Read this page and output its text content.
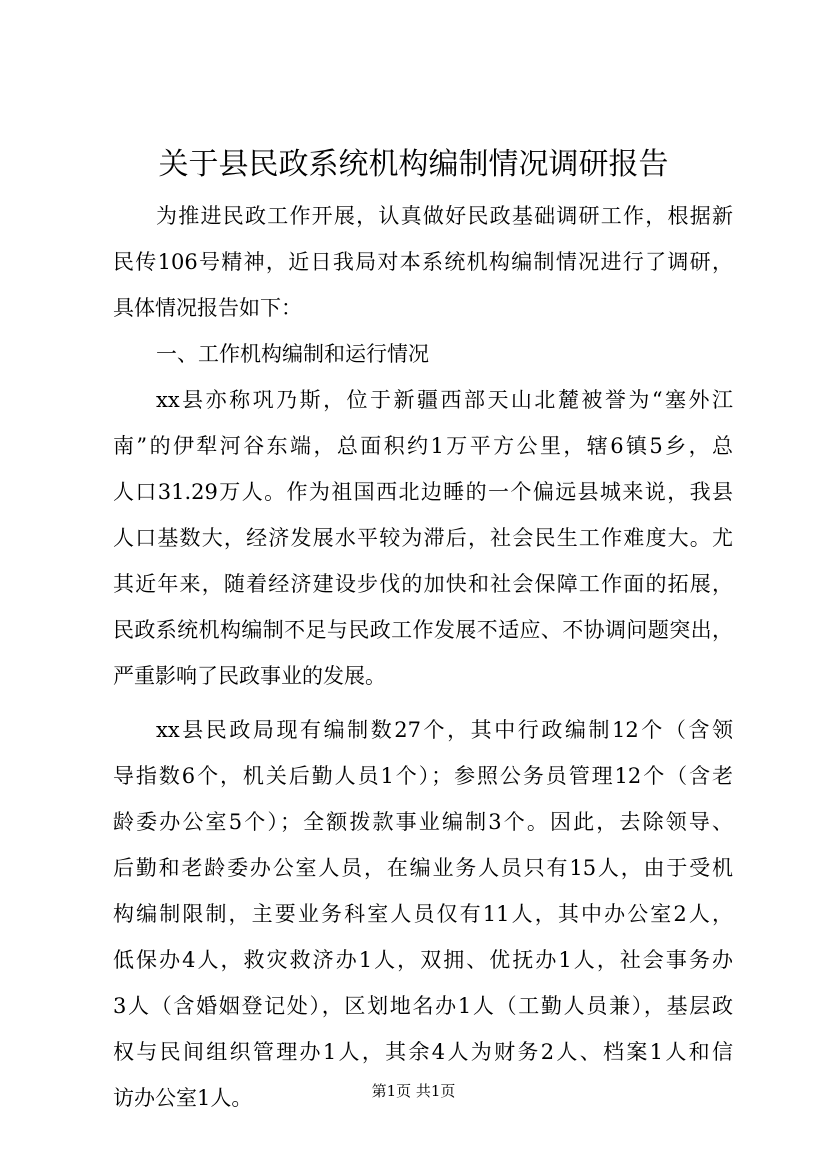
关于县民政系统机构编制情况调研报告
为推进民政工作开展，认真做好民政基础调研工作，根据新
民传106号精神，近日我局对本系统机构编制情况进行了调研，
具体情况报告如下：
一、工作机构编制和运行情况
xx县亦称巩乃斯，位于新疆西部天山北麓被誉为“塞外江
南”的伊犁河谷东端，总面积约1万平方公里，辖6镇5乡，总
人口31.29万人。作为祖国西北边睡的一个偏远县城来说，我县
人口基数大，经济发展水平较为滞后，社会民生工作难度大。尤
其近年来，随着经济建设步伐的加快和社会保障工作面的拓展，
民政系统机构编制不足与民政工作发展不适应、不协调问题突出，
严重影响了民政事业的发展。
xx县民政局现有编制数27个，其中行政编制12个（含领
导指数6个，机关后勤人员1个）；参照公务员管理12个（含老
龄委办公室5个）；全额拨款事业编制3个。因此，去除领导、
后勤和老龄委办公室人员，在编业务人员只有15人，由于受机
构编制限制，主要业务科室人员仅有11人，其中办公室2人，
低保办4人，救灾救济办1人，双拥、优抚办1人，社会事务办
3人（含婚姻登记处），区划地名办1人（工勤人员兼），基层政
权与民间组织管理办1人，其余4人为财务2人、档案1人和信
访办公室1人。	第1页 共1页
